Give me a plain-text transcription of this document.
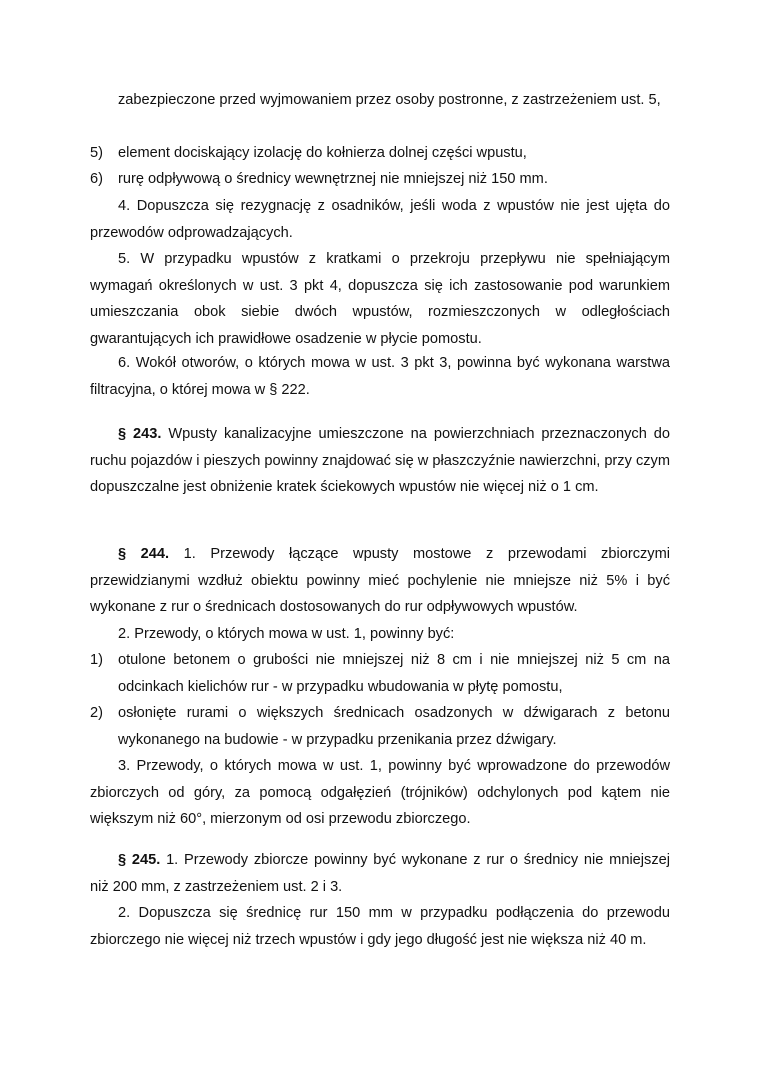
zabezpieczone przed wyjmowaniem przez osoby postronne, z zastrzeżeniem ust. 5,

5) element dociskający izolację do kołnierza dolnej części wpustu,
6) rurę odpływową o średnicy wewnętrznej nie mniejszej niż 150 mm.

4. Dopuszcza się rezygnację z osadników, jeśli woda z wpustów nie jest ujęta do przewodów odprowadzających.

5. W przypadku wpustów z kratkami o przekroju przepływu nie spełniającym wymagań określonych w ust. 3 pkt 4, dopuszcza się ich zastosowanie pod warunkiem umieszczania obok siebie dwóch wpustów, rozmieszczonych w odległościach gwarantujących ich prawidłowe osadzenie w płycie pomostu.

6. Wokół otworów, o których mowa w ust. 3 pkt 3, powinna być wykonana warstwa filtracyjna, o której mowa w § 222.

§ 243. Wpusty kanalizacyjne umieszczone na powierzchniach przeznaczonych do ruchu pojazdów i pieszych powinny znajdować się w płaszczyźnie nawierzchni, przy czym dopuszczalne jest obniżenie kratek ściekowych wpustów nie więcej niż o 1 cm.

§ 244. 1. Przewody łączące wpusty mostowe z przewodami zbiorczymi przewidzianymi wzdłuż obiektu powinny mieć pochylenie nie mniejsze niż 5% i być wykonane z rur o średnicach dostosowanych do rur odpływowych wpustów.

2. Przewody, o których mowa w ust. 1, powinny być:

1) otulone betonem o grubości nie mniejszej niż 8 cm i nie mniejszej niż 5 cm na odcinkach kielichów rur - w przypadku wbudowania w płytę pomostu,
2) osłonięte rurami o większych średnicach osadzonych w dźwigarach z betonu wykonanego na budowie - w przypadku przenikania przez dźwigary.

3. Przewody, o których mowa w ust. 1, powinny być wprowadzone do przewodów zbiorczych od góry, za pomocą odgałęzień (trójników) odchylonych pod kątem nie większym niż 60°, mierzonym od osi przewodu zbiorczego.

§ 245. 1. Przewody zbiorcze powinny być wykonane z rur o średnicy nie mniejszej niż 200 mm, z zastrzeżeniem ust. 2 i 3.

2. Dopuszcza się średnicę rur 150 mm w przypadku podłączenia do przewodu zbiorczego nie więcej niż trzech wpustów i gdy jego długość jest nie większa niż 40 m.
